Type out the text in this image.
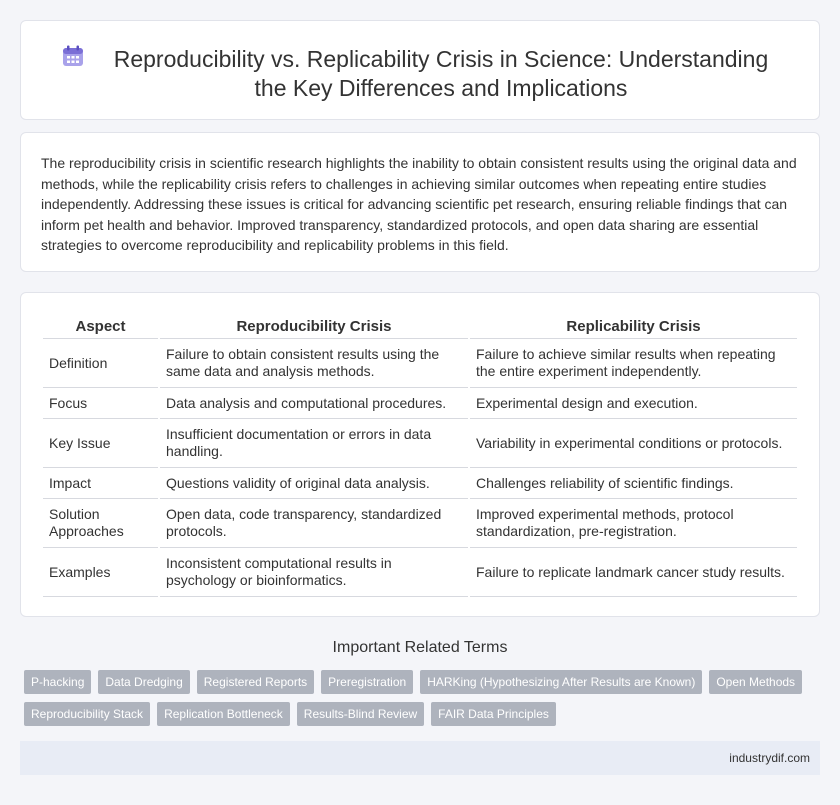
Reproducibility vs. Replicability Crisis in Science: Understanding the Key Differences and Implications

The reproducibility crisis in scientific research highlights the inability to obtain consistent results using the original data and methods, while the replicability crisis refers to challenges in achieving similar outcomes when repeating entire studies independently. Addressing these issues is critical for advancing scientific pet research, ensuring reliable findings that can inform pet health and behavior. Improved transparency, standardized protocols, and open data sharing are essential strategies to overcome reproducibility and replicability problems in this field.

Aspect	Reproducibility Crisis	Replicability Crisis
Definition	Failure to obtain consistent results using the same data and analysis methods.	Failure to achieve similar results when repeating the entire experiment independently.
Focus	Data analysis and computational procedures.	Experimental design and execution.
Key Issue	Insufficient documentation or errors in data handling.	Variability in experimental conditions or protocols.
Impact	Questions validity of original data analysis.	Challenges reliability of scientific findings.
Solution Approaches	Open data, code transparency, standardized protocols.	Improved experimental methods, protocol standardization, pre-registration.
Examples	Inconsistent computational results in psychology or bioinformatics.	Failure to replicate landmark cancer study results.
Important Related Terms
P-hacking	Data Dredging	Registered Reports	Preregistration	HARKing (Hypothesizing After Results are Known)	Open Methods
Reproducibility Stack	Replication Bottleneck	Results-Blind Review	FAIR Data Principles
industrydif.com
